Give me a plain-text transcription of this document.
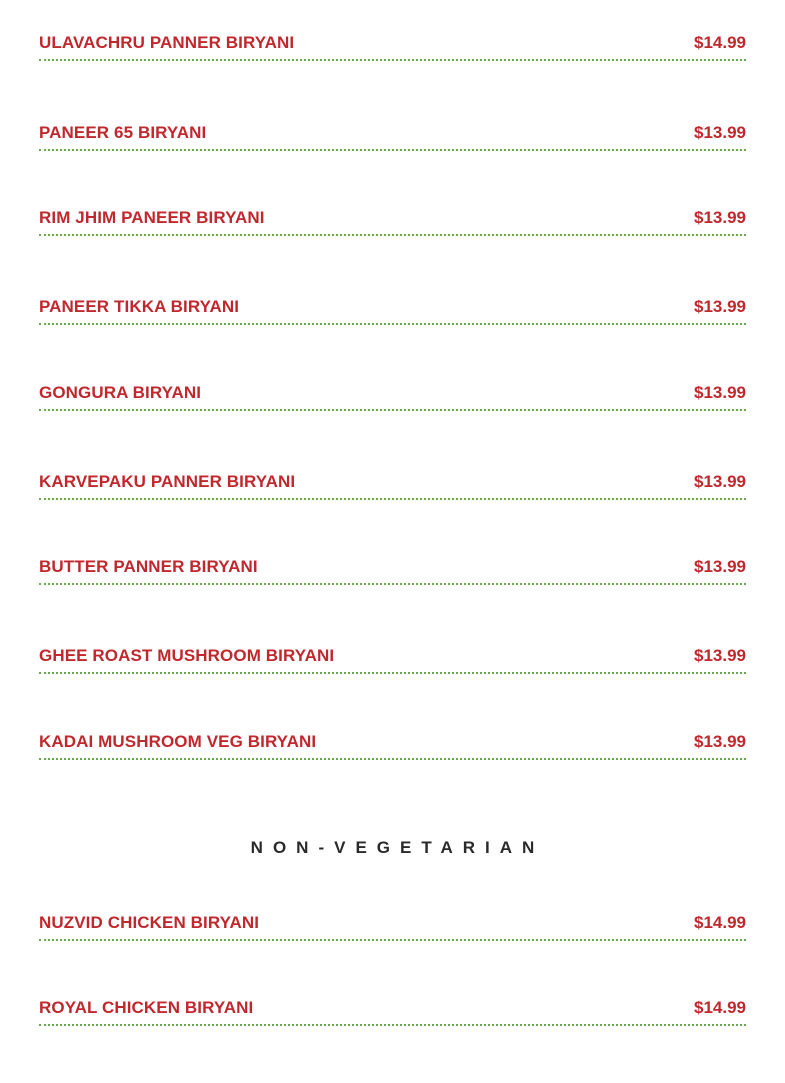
ULAVACHRU PANNER BIRYANI	$14.99
PANEER 65 BIRYANI	$13.99
RIM JHIM PANEER BIRYANI	$13.99
PANEER TIKKA BIRYANI	$13.99
GONGURA BIRYANI	$13.99
KARVEPAKU PANNER BIRYANI	$13.99
BUTTER PANNER BIRYANI	$13.99
GHEE ROAST MUSHROOM BIRYANI	$13.99
KADAI MUSHROOM VEG BIRYANI	$13.99
NON-VEGETARIAN
NUZVID CHICKEN BIRYANI	$14.99
ROYAL CHICKEN BIRYANI	$14.99
